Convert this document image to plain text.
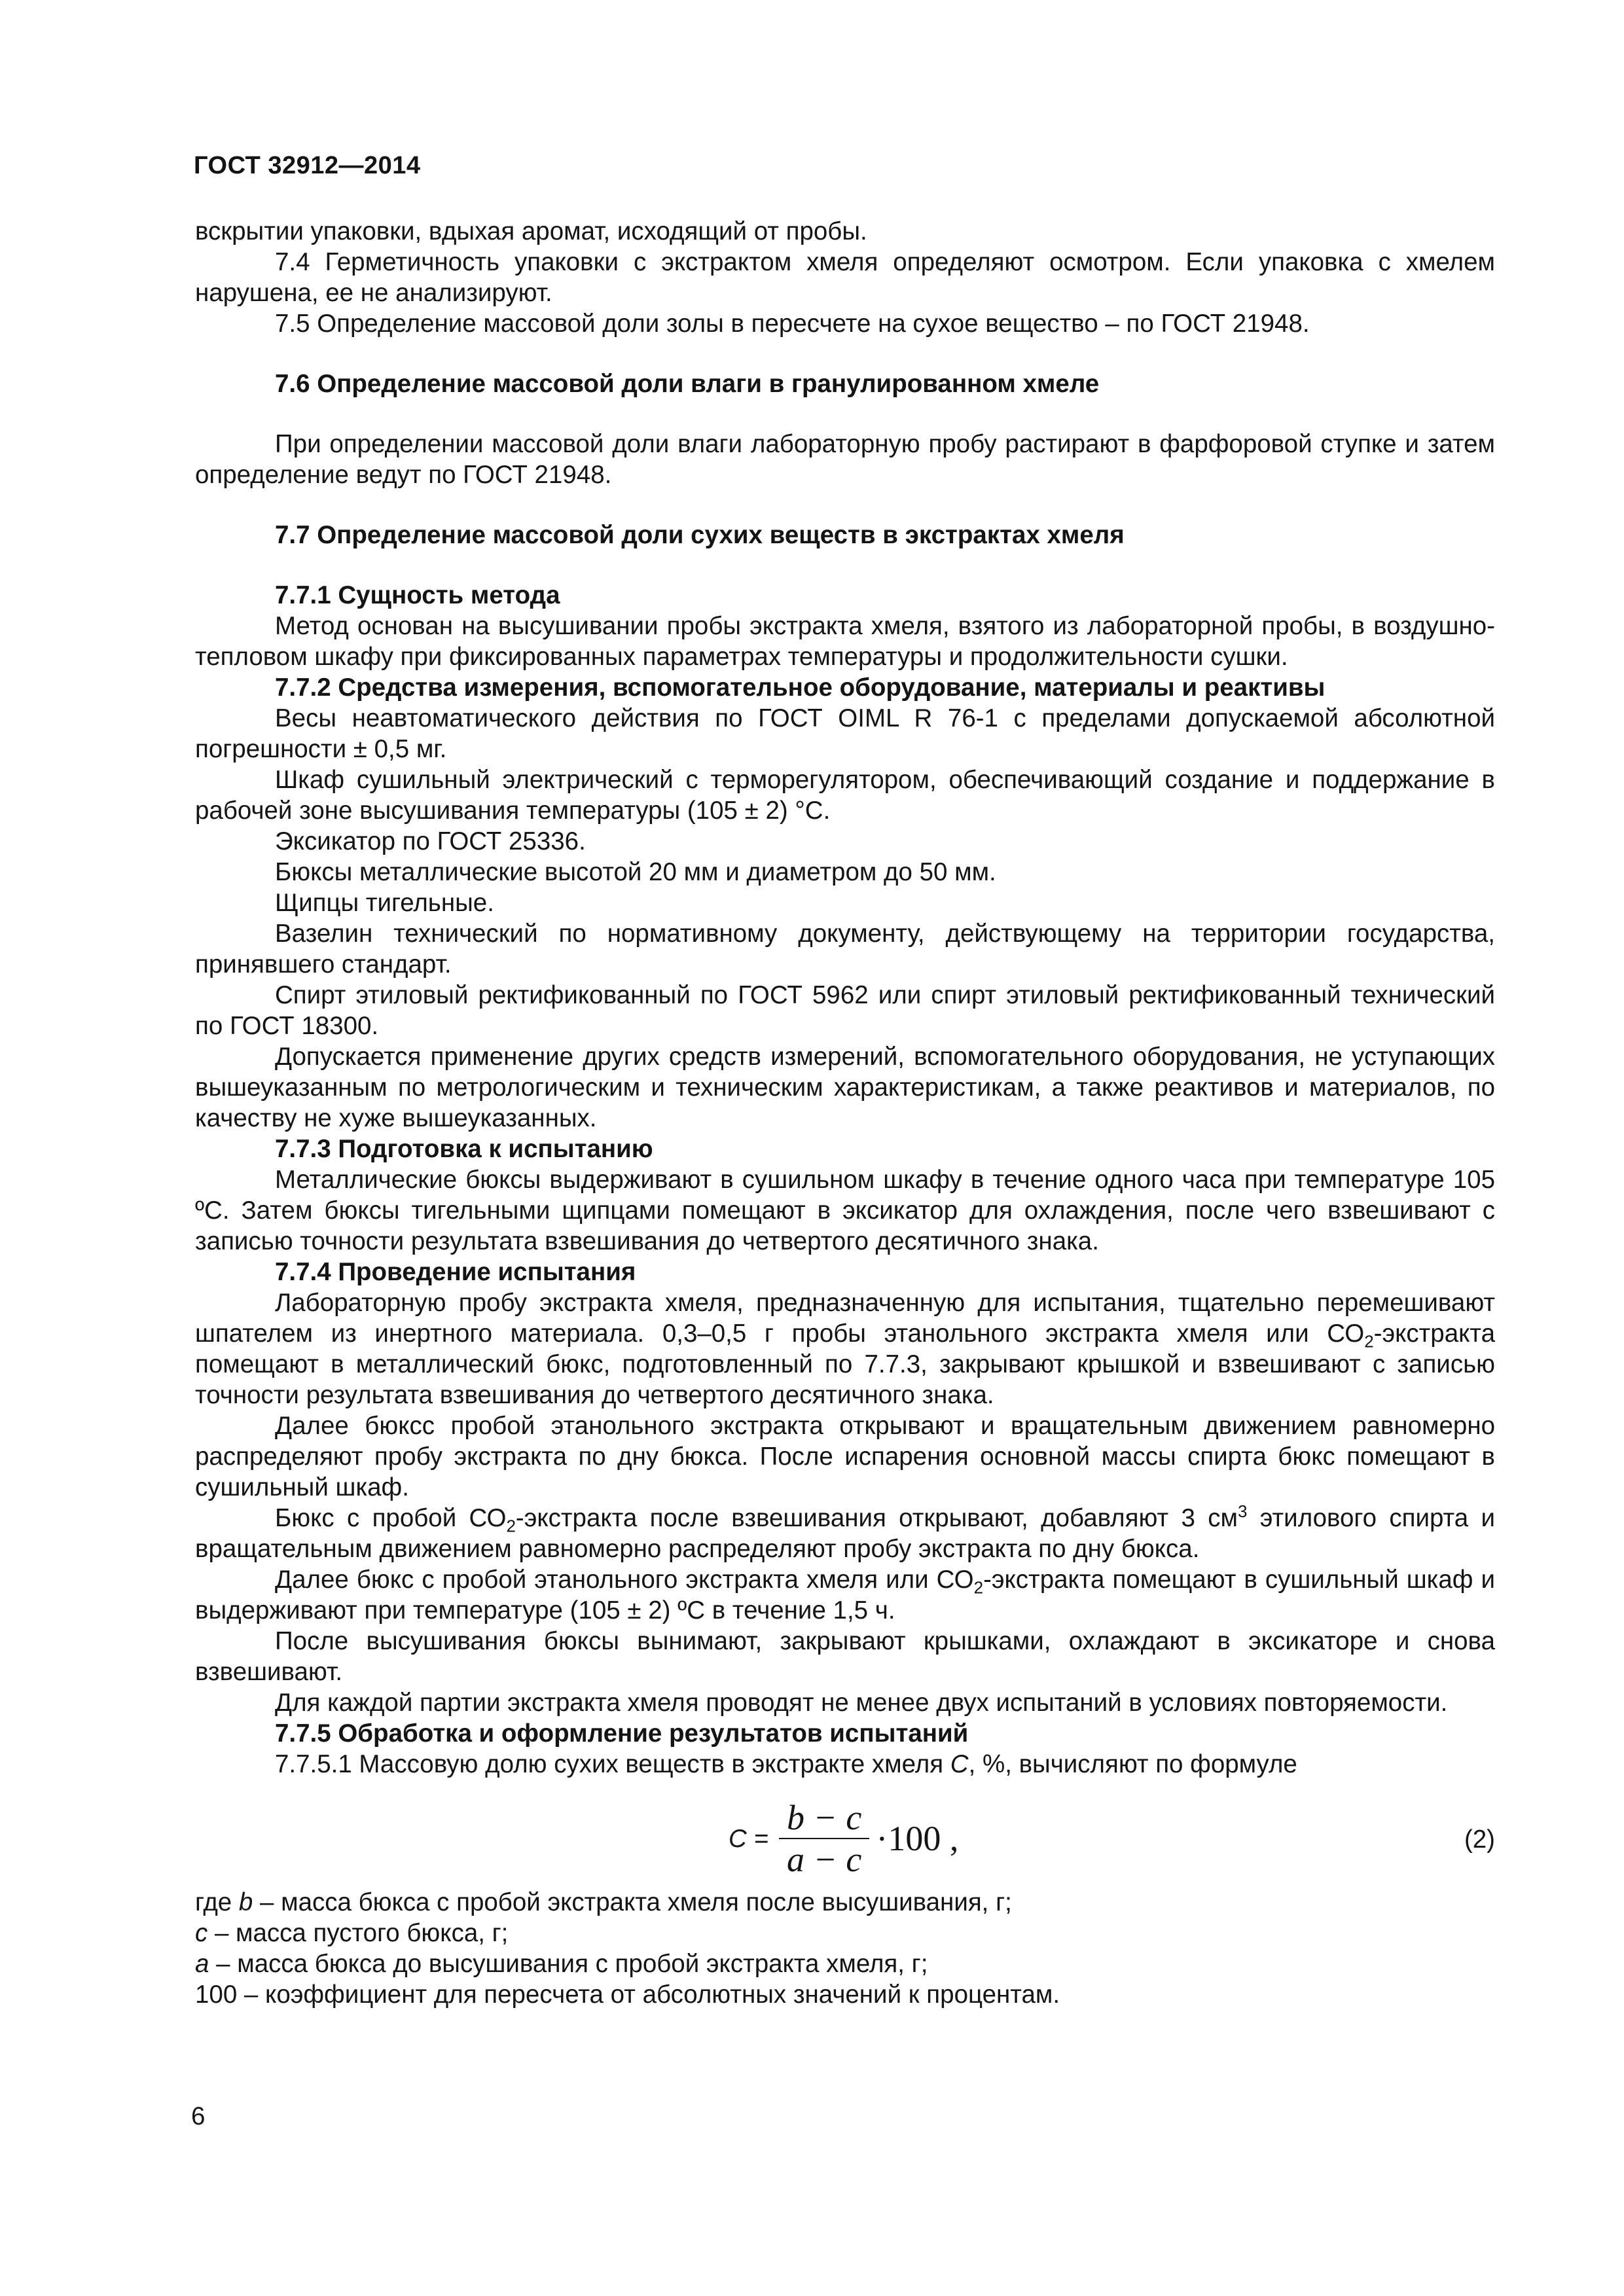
ГОСТ 32912—2014

вскрытии упаковки, вдыхая аромат, исходящий от пробы.

7.4 Герметичность упаковки с экстрактом хмеля определяют осмотром. Если упаковка с хмелем нарушена, ее не анализируют.

7.5 Определение массовой доли золы в пересчете на сухое вещество – по ГОСТ 21948.

7.6 Определение массовой доли влаги в гранулированном хмеле

При определении массовой доли влаги лабораторную пробу растирают в фарфоровой ступке и затем определение ведут по ГОСТ 21948.

7.7 Определение массовой доли сухих веществ в экстрактах хмеля

7.7.1 Сущность метода

Метод основан на высушивании пробы экстракта хмеля, взятого из лабораторной пробы, в воздушно-тепловом шкафу при фиксированных параметрах температуры и продолжительности сушки.

7.7.2 Средства измерения, вспомогательное оборудование, материалы и реактивы

Весы неавтоматического действия по ГОСТ OIML R 76-1 с пределами допускаемой абсолютной погрешности ± 0,5 мг.

Шкаф сушильный электрический с терморегулятором, обеспечивающий создание и поддержание в рабочей зоне высушивания температуры (105 ± 2) °С.

Эксикатор по ГОСТ 25336.

Бюксы металлические высотой 20 мм и диаметром до 50 мм.

Щипцы тигельные.

Вазелин технический по нормативному документу, действующему на территории государства, принявшего стандарт.

Спирт этиловый ректификованный по ГОСТ 5962 или спирт этиловый ректификованный технический по ГОСТ 18300.

Допускается применение других средств измерений, вспомогательного оборудования, не уступающих вышеуказанным по метрологическим и техническим характеристикам, а также реактивов и материалов, по качеству не хуже вышеуказанных.

7.7.3 Подготовка к испытанию

Металлические бюксы выдерживают в сушильном шкафу в течение одного часа при температуре 105 ºС. Затем бюксы тигельными щипцами помещают в эксикатор для охлаждения, после чего взвешивают с записью точности результата взвешивания до четвертого десятичного знака.

7.7.4 Проведение испытания

Лабораторную пробу экстракта хмеля, предназначенную для испытания, тщательно перемешивают шпателем из инертного материала. 0,3–0,5 г пробы этанольного экстракта хмеля или $СО_2$-экстракта помещают в металлический бюкс, подготовленный по 7.7.3, закрывают крышкой и взвешивают с записью точности результата взвешивания до четвертого десятичного знака.

Далее бюксс пробой этанольного экстракта открывают и вращательным движением равномерно распределяют пробу экстракта по дну бюкса. После испарения основной массы спирта бюкс помещают в сушильный шкаф.

Бюкс с пробой $СО_2$-экстракта после взвешивания открывают, добавляют 3 $см^3$ этилового спирта и вращательным движением равномерно распределяют пробу экстракта по дну бюкса.

Далее бюкс с пробой этанольного экстракта хмеля или $СО_2$-экстракта помещают в сушильный шкаф и выдерживают при температуре (105 ± 2) ºС в течение 1,5 ч.

После высушивания бюксы вынимают, закрывают крышками, охлаждают в эксикаторе и снова взвешивают.

Для каждой партии экстракта хмеля проводят не менее двух испытаний в условиях повторяемости.

7.7.5 Обработка и оформление результатов испытаний

7.7.5.1 Массовую долю сухих веществ в экстракте хмеля С, %, вычисляют по формуле

$С = \frac{b - c}{a - c} \cdot 100$ ,	(2)

где b – масса бюкса с пробой экстракта хмеля после высушивания, г;

с – масса пустого бюкса, г;

а – масса бюкса до высушивания с пробой экстракта хмеля, г;

100 – коэффициент для пересчета от абсолютных значений к процентам.

6
